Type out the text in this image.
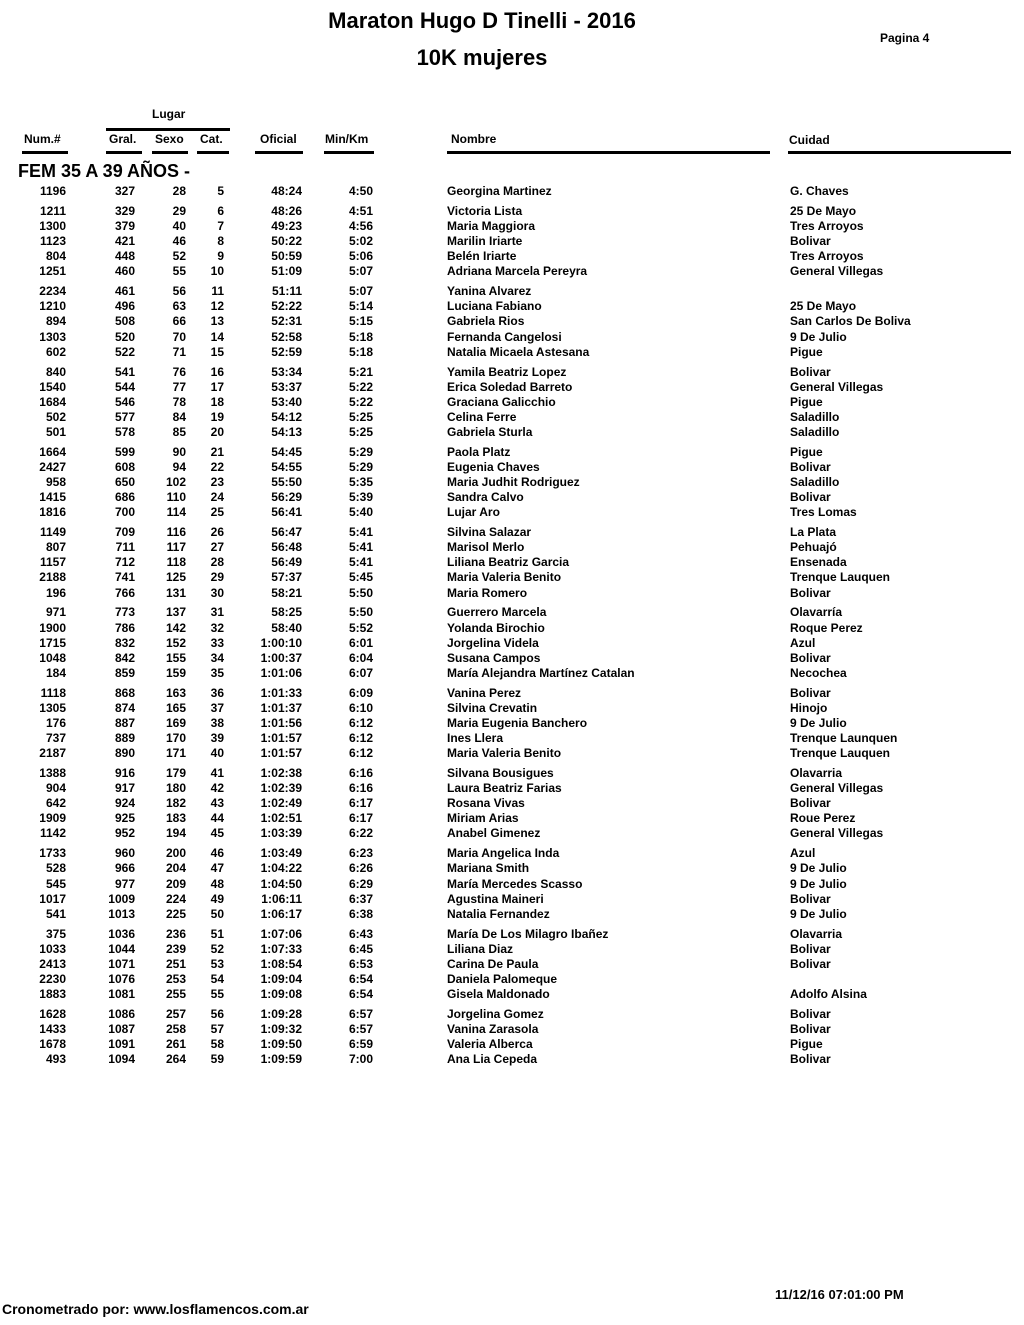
Maraton Hugo D Tinelli - 2016
10K mujeres
Pagina 4
Lugar
Num.#	Gral. Sexo Cat.	Oficial Min/Km	Nombre	Cuidad
FEM 35 A 39 AÑOS -
1196	327	28	5	48:24	4:50	Georgina Martinez	G. Chaves
1211	329	29	6	48:26	4:51	Victoria Lista	25 De Mayo
1300	379	40	7	49:23	4:56	Maria Maggiora	Tres Arroyos
1123	421	46	8	50:22	5:02	Marilin Iriarte	Bolivar
804	448	52	9	50:59	5:06	Belén Iriarte	Tres Arroyos
1251	460	55 10	51:09	5:07	Adriana Marcela Pereyra	General Villegas
2234	461	56 11	51:11	5:07	Yanina Alvarez
1210	496	63 12	52:22	5:14	Luciana Fabiano	25 De Mayo
894	508	66 13	52:31	5:15	Gabriela Rios	San Carlos De Boliva
1303	520	70 14	52:58	5:18	Fernanda Cangelosi	9 De Julio
602	522	71 15	52:59	5:18	Natalia Micaela Astesana	Pigue
840	541	76 16	53:34	5:21	Yamila Beatriz Lopez	Bolivar
1540	544	77 17	53:37	5:22	Erica Soledad Barreto	General Villegas
1684	546	78 18	53:40	5:22	Graciana Galicchio	Pigue
502	577	84 19	54:12	5:25	Celina Ferre	Saladillo
501	578	85 20	54:13	5:25	Gabriela Sturla	Saladillo
1664	599	90 21	54:45	5:29	Paola Platz	Pigue
2427	608	94 22	54:55	5:29	Eugenia Chaves	Bolivar
958	650	102 23	55:50	5:35	Maria Judhit Rodriguez	Saladillo
1415	686	110 24	56:29	5:39	Sandra Calvo	Bolivar
1816	700	114 25	56:41	5:40	Lujar Aro	Tres Lomas
1149	709	116 26	56:47	5:41	Silvina Salazar	La Plata
807	711	117 27	56:48	5:41	Marisol Merlo	Pehuajó
1157	712	118 28	56:49	5:41	Liliana Beatriz Garcia	Ensenada
2188	741	125 29	57:37	5:45	Maria Valeria Benito	Trenque Lauquen
196	766	131 30	58:21	5:50	Maria Romero	Bolivar
971	773	137 31	58:25	5:50	Guerrero Marcela	Olavarría
1900	786	142 32	58:40	5:52	Yolanda Birochio	Roque Perez
1715	832	152 33	1:00:10	6:01	Jorgelina Videla	Azul
1048	842	155 34	1:00:37	6:04	Susana Campos	Bolivar
184	859	159 35	1:01:06	6:07	María Alejandra Martínez Catalan	Necochea
1118	868	163 36	1:01:33	6:09	Vanina Perez	Bolivar
1305	874	165 37	1:01:37	6:10	Silvina Crevatin	Hinojo
176	887	169 38	1:01:56	6:12	Maria Eugenia Banchero	9 De Julio
737	889	170 39	1:01:57	6:12	Ines Llera	Trenque Launquen
2187	890	171 40	1:01:57	6:12	Maria Valeria Benito	Trenque Lauquen
1388	916	179 41	1:02:38	6:16	Silvana Bousigues	Olavarria
904	917	180 42	1:02:39	6:16	Laura Beatriz Farias	General Villegas
642	924	182 43	1:02:49	6:17	Rosana Vivas	Bolivar
1909	925	183 44	1:02:51	6:17	Miriam Arias	Roue Perez
1142	952	194 45	1:03:39	6:22	Anabel Gimenez	General Villegas
1733	960	200 46	1:03:49	6:23	Maria Angelica Inda	Azul
528	966	204 47	1:04:22	6:26	Mariana Smith	9 De Julio
545	977	209 48	1:04:50	6:29	María Mercedes Scasso	9 De Julio
1017	1009	224 49	1:06:11	6:37	Agustina Maineri	Bolivar
541	1013	225 50	1:06:17	6:38	Natalia Fernandez	9 De Julio
375	1036	236 51	1:07:06	6:43	María De Los Milagro Ibañez	Olavarria
1033	1044	239 52	1:07:33	6:45	Liliana Diaz	Bolivar
2413	1071	251 53	1:08:54	6:53	Carina De Paula	Bolivar
2230	1076	253 54	1:09:04	6:54	Daniela Palomeque
1883	1081	255 55	1:09:08	6:54	Gisela Maldonado	Adolfo Alsina
1628	1086	257 56	1:09:28	6:57	Jorgelina Gomez	Bolivar
1433	1087	258 57	1:09:32	6:57	Vanina Zarasola	Bolivar
1678	1091	261 58	1:09:50	6:59	Valeria Alberca	Pigue
493	1094	264 59	1:09:59	7:00	Ana Lia Cepeda	Bolivar
11/12/16 07:01:00 PM
Cronometrado por: www.losflamencos.com.ar
